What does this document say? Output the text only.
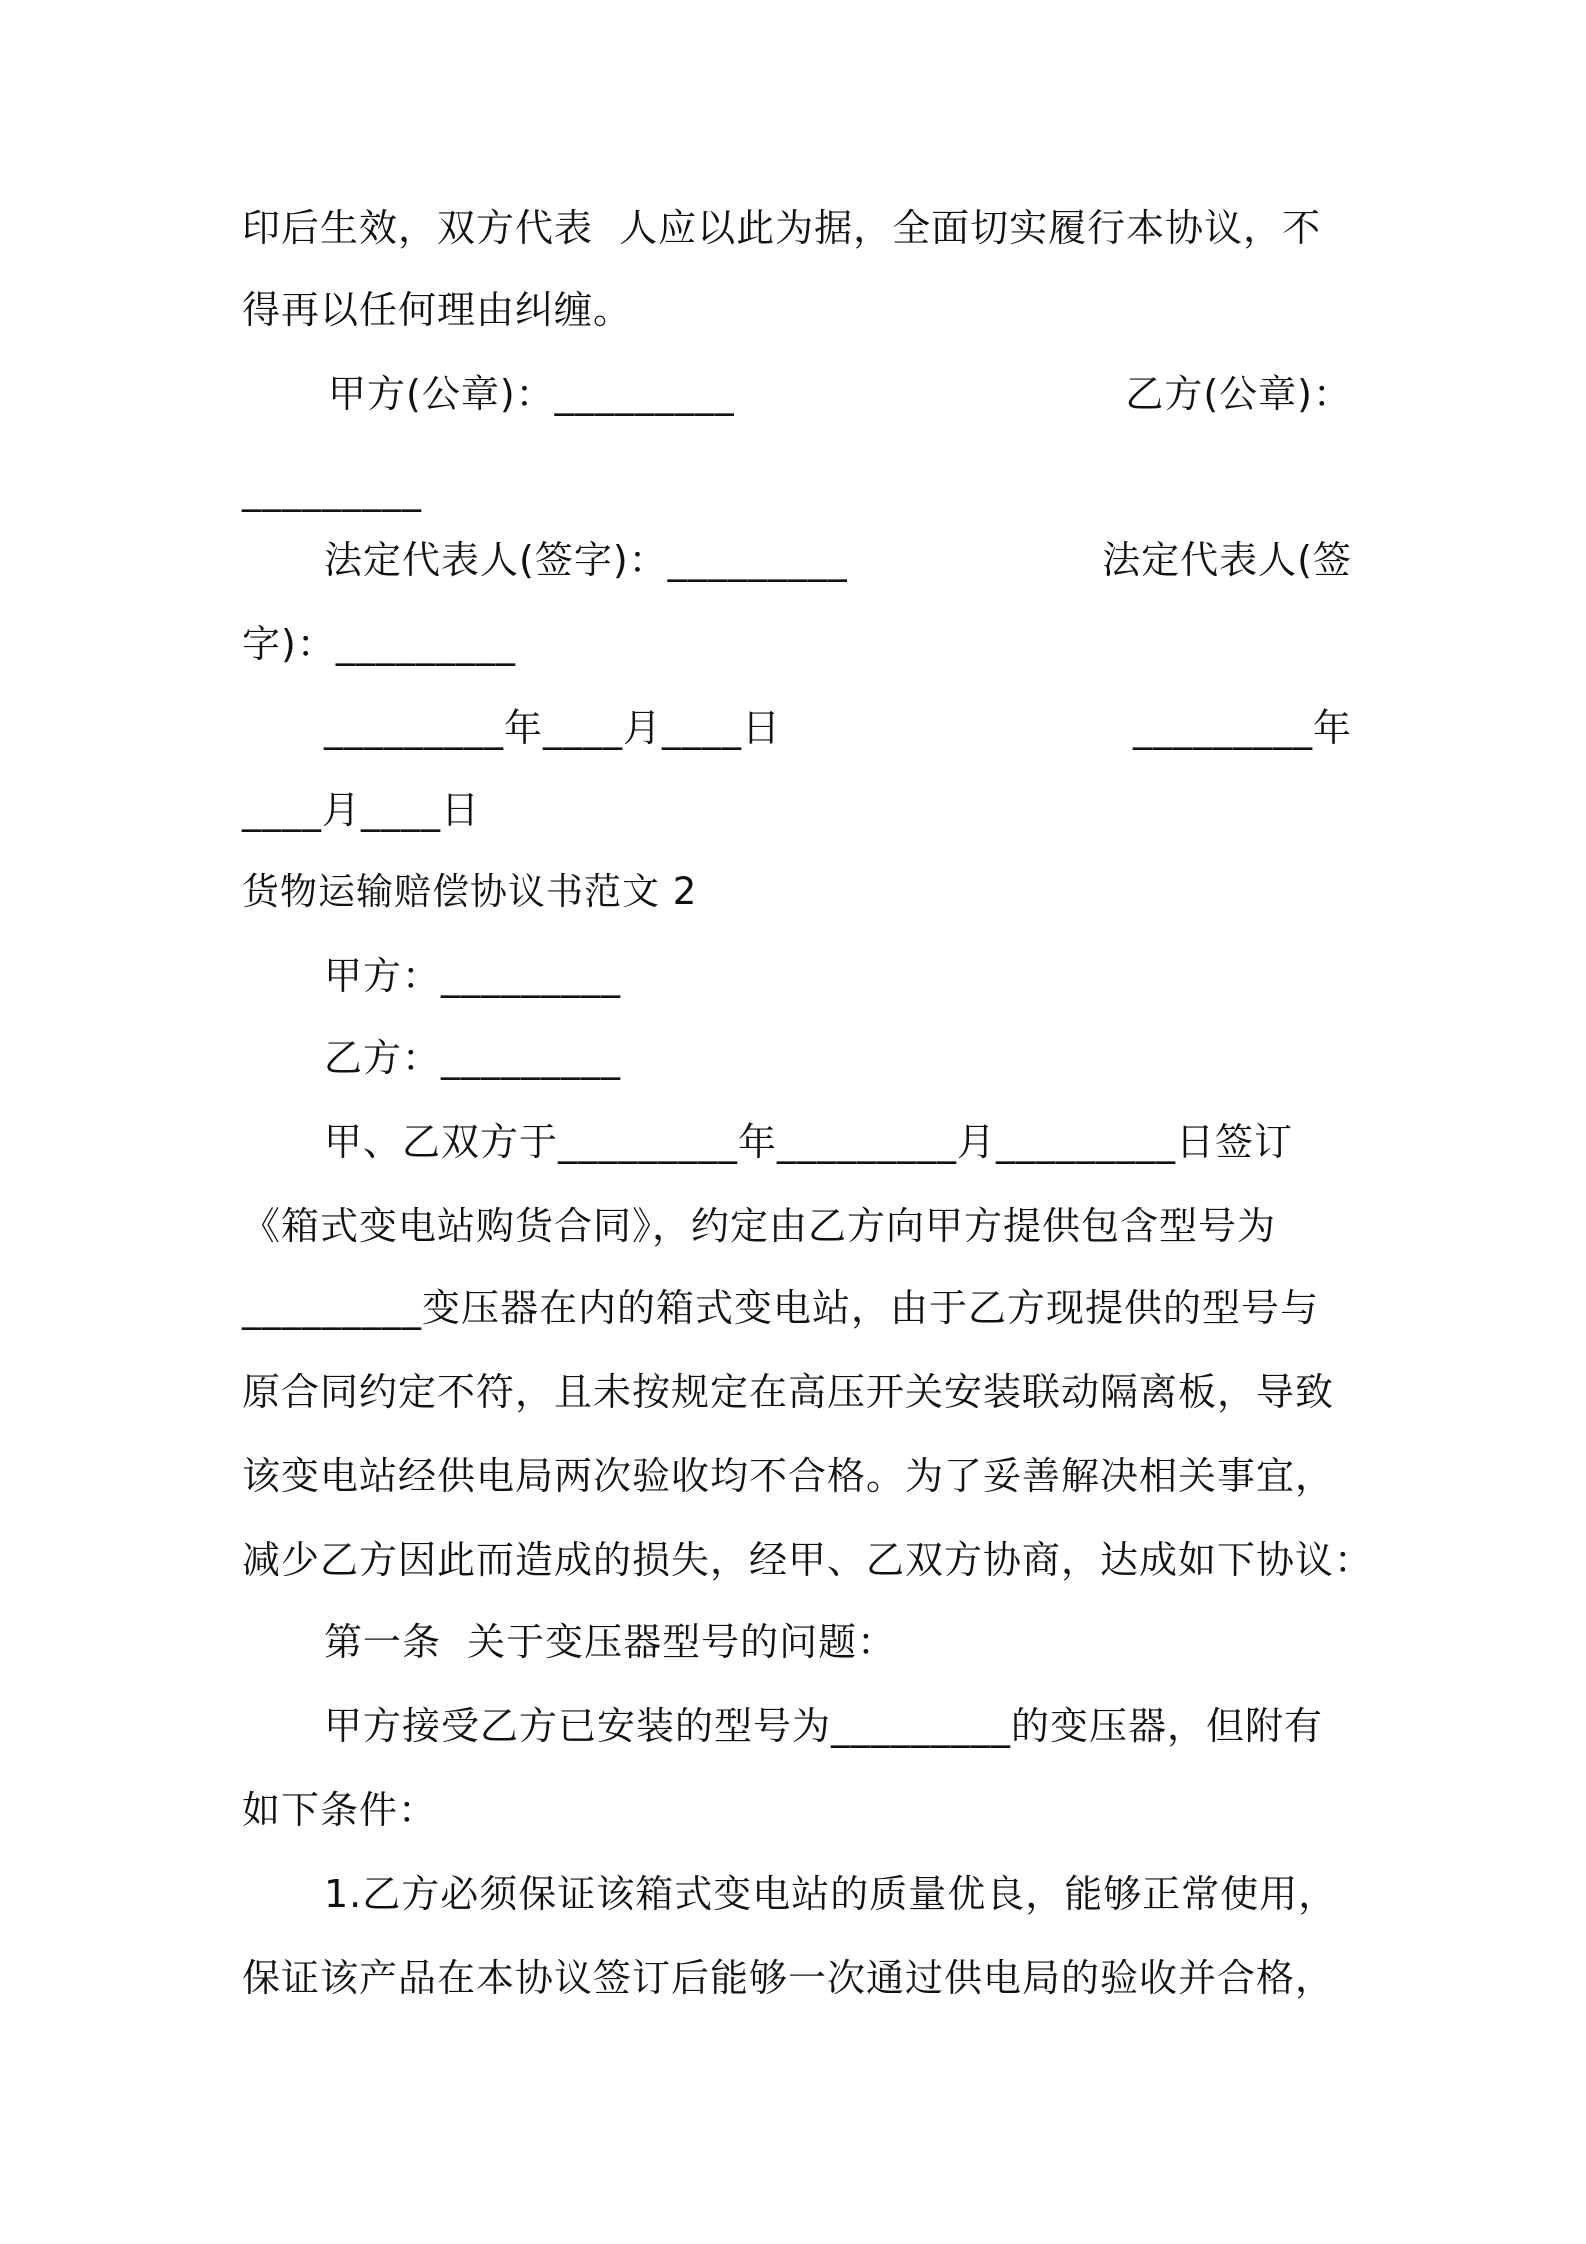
印后生效，双方代表  人应以此为据，全面切实履行本协议，不
得再以任何理由纠缠。
甲方(公章)：_________	乙方(公章)：
_________
法定代表人(签字)：_________	法定代表人(签
字)：_________
_________年____月____日	_________年
____月____日
货物运输赔偿协议书范文 2
甲方：_________
乙方：_________
甲、乙双方于_________年_________月_________日签订
《箱式变电站购货合同》，约定由乙方向甲方提供包含型号为
_________变压器在内的箱式变电站，由于乙方现提供的型号与
原合同约定不符，且未按规定在高压开关安装联动隔离板，导致
该变电站经供电局两次验收均不合格。为了妥善解决相关事宜，
减少乙方因此而造成的损失，经甲、乙双方协商，达成如下协议：
第一条  关于变压器型号的问题：
甲方接受乙方已安装的型号为_________的变压器，但附有
如下条件：
1.乙方必须保证该箱式变电站的质量优良，能够正常使用，
保证该产品在本协议签订后能够一次通过供电局的验收并合格，
